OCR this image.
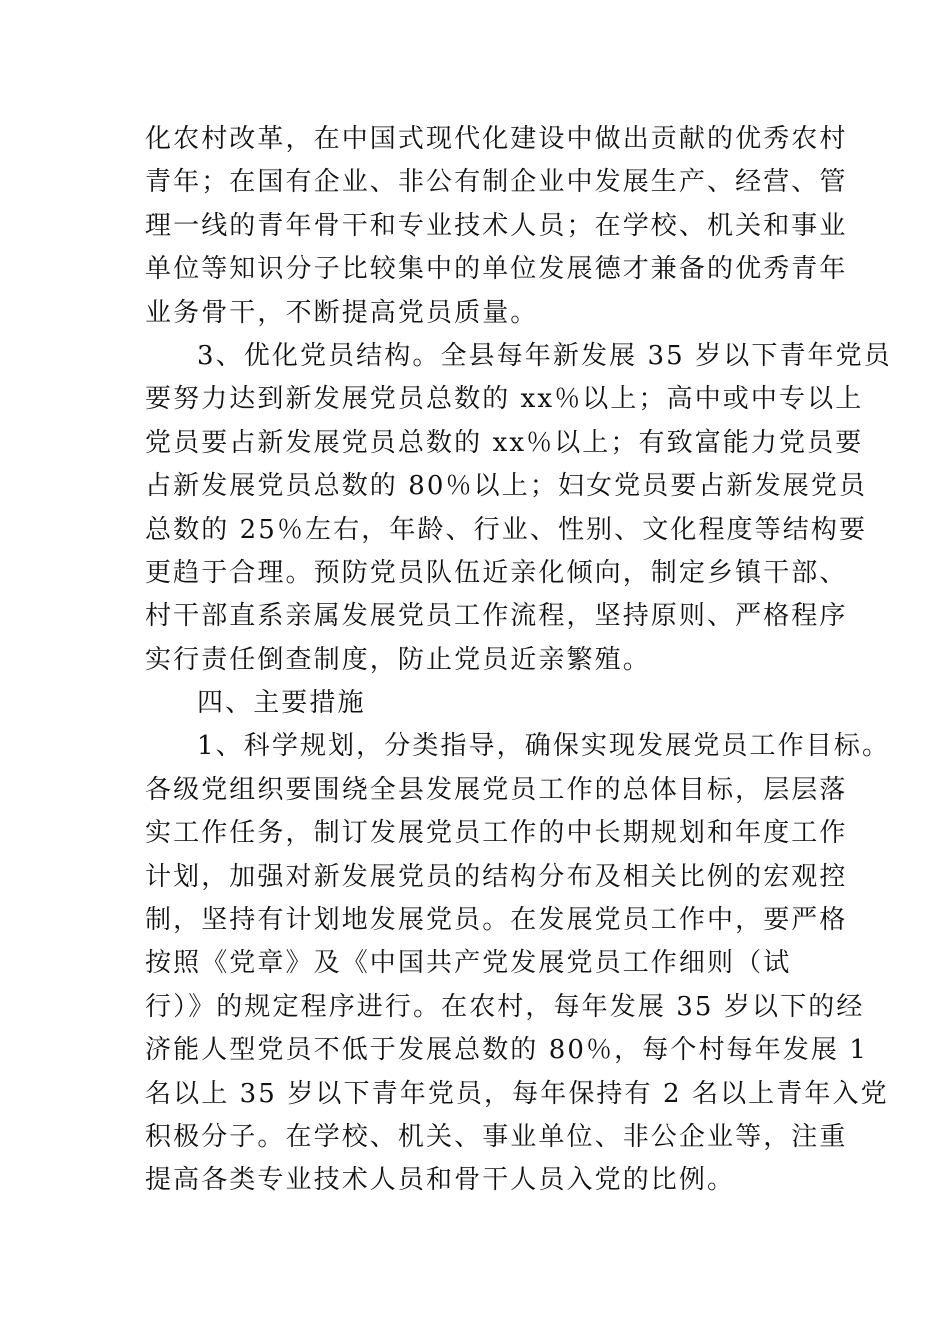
化农村改革，在中国式现代化建设中做出贡献的优秀农村
青年；在国有企业、非公有制企业中发展生产、经营、管
理一线的青年骨干和专业技术人员；在学校、机关和事业
单位等知识分子比较集中的单位发展德才兼备的优秀青年
业务骨干，不断提高党员质量。
3、优化党员结构。全县每年新发展 35 岁以下青年党员
要努力达到新发展党员总数的 xx％以上；高中或中专以上
党员要占新发展党员总数的 xx％以上；有致富能力党员要
占新发展党员总数的 80％以上；妇女党员要占新发展党员
总数的 25％左右，年龄、行业、性别、文化程度等结构要
更趋于合理。预防党员队伍近亲化倾向，制定乡镇干部、
村干部直系亲属发展党员工作流程，坚持原则、严格程序
实行责任倒查制度，防止党员近亲繁殖。
四、主要措施
1、科学规划，分类指导，确保实现发展党员工作目标。
各级党组织要围绕全县发展党员工作的总体目标，层层落
实工作任务，制订发展党员工作的中长期规划和年度工作
计划，加强对新发展党员的结构分布及相关比例的宏观控
制，坚持有计划地发展党员。在发展党员工作中，要严格
按照《党章》及《中国共产党发展党员工作细则（试
行）》的规定程序进行。在农村，每年发展 35 岁以下的经
济能人型党员不低于发展总数的 80％，每个村每年发展 1
名以上 35 岁以下青年党员，每年保持有 2 名以上青年入党
积极分子。在学校、机关、事业单位、非公企业等，注重
提高各类专业技术人员和骨干人员入党的比例。
